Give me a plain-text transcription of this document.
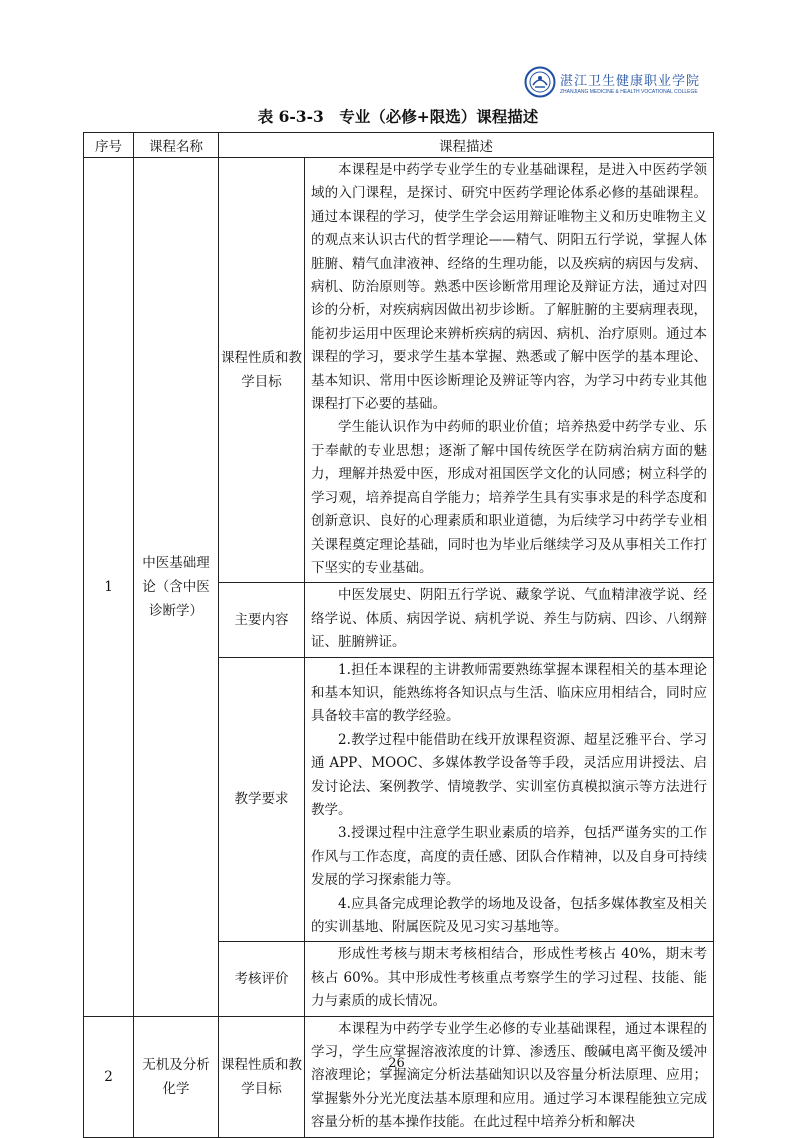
湛江卫生健康职业学院
ZHANJIANG MEDICINE & HEALTH VOCATIONAL COLLEGE
表 6-3-3　专业（必修+限选）课程描述
序号	课程名称	课程描述	
1	中医基础理论（含中医诊断学）	课程性质和教学目标	本课程是中药学专业学生的专业基础课程，是进入中医药学领域的入门课程，是探讨、研究中医药学理论体系必修的基础课程。通过本课程的学习，使学生学会运用辩证唯物主义和历史唯物主义的观点来认识古代的哲学理论——精气、阴阳五行学说，掌握人体脏腑、精气血津液神、经络的生理功能，以及疾病的病因与发病、病机、防治原则等。熟悉中医诊断常用理论及辩证方法，通过对四诊的分析，对疾病病因做出初步诊断。了解脏腑的主要病理表现，能初步运用中医理论来辨析疾病的病因、病机、治疗原则。通过本课程的学习，要求学生基本掌握、熟悉或了解中医学的基本理论、基本知识、常用中医诊断理论及辨证等内容，为学习中药专业其他课程打下必要的基础。

学生能认识作为中药师的职业价值；培养热爱中药学专业、乐于奉献的专业思想；逐渐了解中国传统医学在防病治病方面的魅力，理解并热爱中医，形成对祖国医学文化的认同感；树立科学的学习观，培养提高自学能力；培养学生具有实事求是的科学态度和创新意识、良好的心理素质和职业道德，为后续学习中药学专业相关课程奠定理论基础，同时也为毕业后继续学习及从事相关工作打下坚实的专业基础。

		主要内容	中医发展史、阴阳五行学说、藏象学说、气血精津液学说、经络学说、体质、病因学说、病机学说、养生与防病、四诊、八纲辩证、脏腑辨证。

		教学要求	1.担任本课程的主讲教师需要熟练掌握本课程相关的基本理论和基本知识，能熟练将各知识点与生活、临床应用相结合，同时应具备较丰富的教学经验。

2.教学过程中能借助在线开放课程资源、超星泛雅平台、学习通 APP、MOOC、多媒体教学设备等手段，灵活应用讲授法、启发讨论法、案例教学、情境教学、实训室仿真模拟演示等方法进行教学。

3.授课过程中注意学生职业素质的培养，包括严谨务实的工作作风与工作态度，高度的责任感、团队合作精神，以及自身可持续发展的学习探索能力等。

4.应具备完成理论教学的场地及设备，包括多媒体教室及相关的实训基地、附属医院及见习实习基地等。

		考核评价	形成性考核与期末考核相结合，形成性考核占 40%，期末考核占 60%。其中形成性考核重点考察学生的学习过程、技能、能力与素质的成长情况。

2	无机及分析化学	课程性质和教学目标	本课程为中药学专业学生必修的专业基础课程，通过本课程的学习，学生应掌握溶液浓度的计算、渗透压、酸碱电离平衡及缓冲溶液理论；掌握滴定分析法基础知识以及容量分析法原理、应用；掌握紫外分光光度法基本原理和应用。通过学习本课程能独立完成容量分析的基本操作技能。在此过程中培养分析和解决

26
